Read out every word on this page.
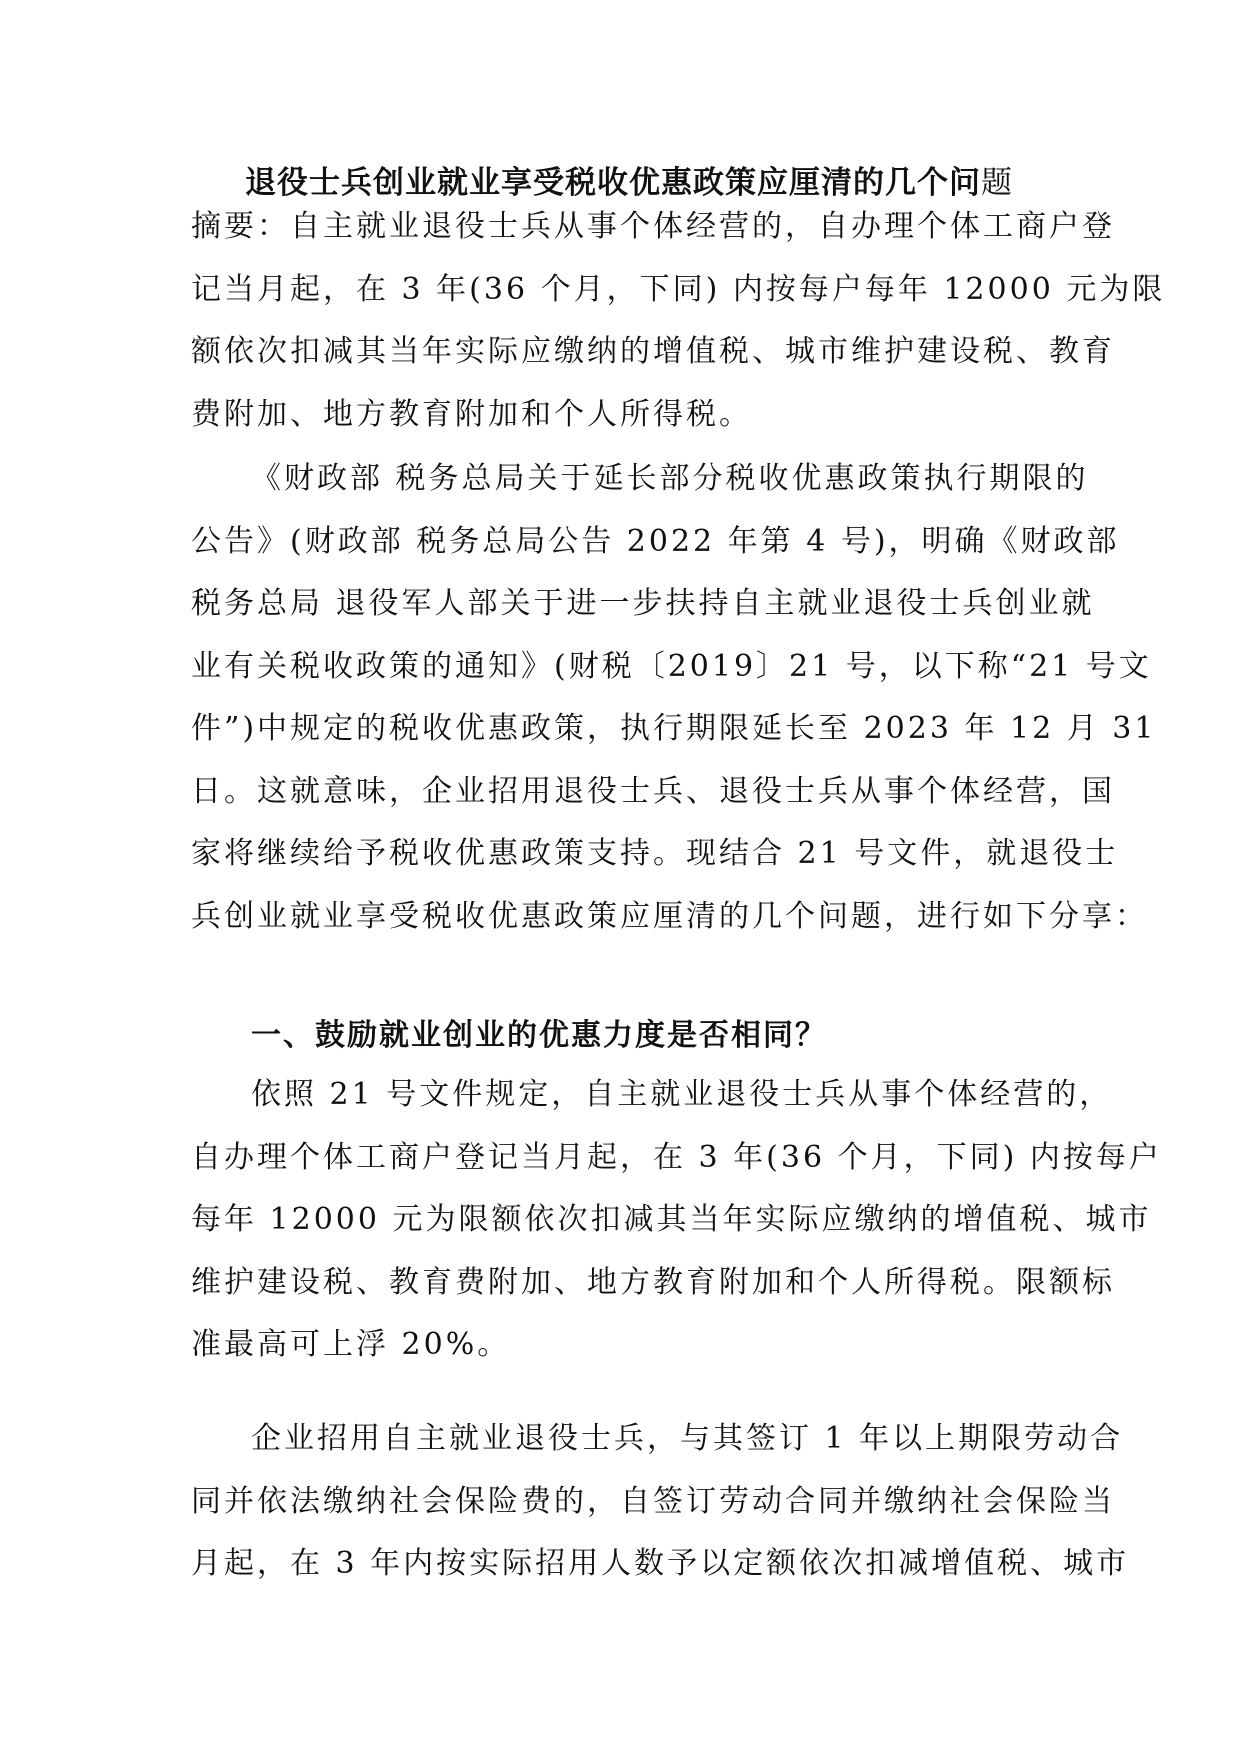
退役士兵创业就业享受税收优惠政策应厘清的几个问题
摘要：自主就业退役士兵从事个体经营的，自办理个体工商户登
记当月起，在 3 年(36 个月，下同) 内按每户每年 12000 元为限
额依次扣减其当年实际应缴纳的增值税、城市维护建设税、教育
费附加、地方教育附加和个人所得税。
《财政部 税务总局关于延长部分税收优惠政策执行期限的
公告》(财政部 税务总局公告 2022 年第 4 号)，明确《财政部
税务总局 退役军人部关于进一步扶持自主就业退役士兵创业就
业有关税收政策的通知》(财税〔2019〕21 号，以下称“21 号文
件”)中规定的税收优惠政策，执行期限延长至 2023 年 12 月 31
日。这就意味，企业招用退役士兵、退役士兵从事个体经营，国
家将继续给予税收优惠政策支持。现结合 21 号文件，就退役士
兵创业就业享受税收优惠政策应厘清的几个问题，进行如下分享：
一、鼓励就业创业的优惠力度是否相同？
依照 21 号文件规定，自主就业退役士兵从事个体经营的，
自办理个体工商户登记当月起，在 3 年(36 个月，下同) 内按每户
每年 12000 元为限额依次扣减其当年实际应缴纳的增值税、城市
维护建设税、教育费附加、地方教育附加和个人所得税。限额标
准最高可上浮 20%。
企业招用自主就业退役士兵，与其签订 1 年以上期限劳动合
同并依法缴纳社会保险费的，自签订劳动合同并缴纳社会保险当
月起，在 3 年内按实际招用人数予以定额依次扣减增值税、城市
